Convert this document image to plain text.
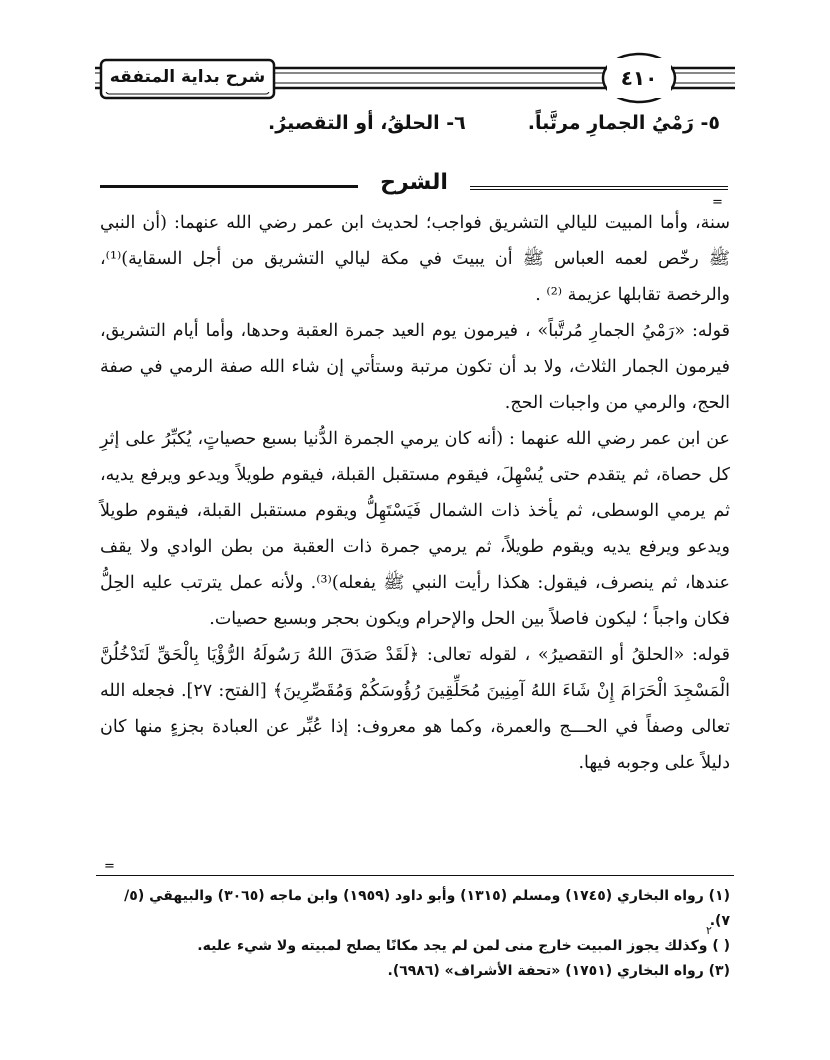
شرح بداية المتفقه	٤١٠
٥- رَمْيُ الجمارِ مرتَّباً.
٦- الحلقُ، أو التقصيرُ.
الشرح
=

سنة، وأما المبيت لليالي التشريق فواجب؛ لحديث ابن عمر رضي الله عنهما: (أن النبي ﷺ رخّص لعمه العباس ﷺ أن يبيتَ في مكة ليالي التشريق من أجل السقاية)⁽¹⁾، والرخصة تقابلها عزيمة ⁽²⁾ .

قوله: «رَمْيُ الجمارِ مُرتَّباً» ، فيرمون يوم العيد جمرة العقبة وحدها، وأما أيام التشريق، فيرمون الجمار الثلاث، ولا بد أن تكون مرتبة وستأتي إن شاء الله صفة الرمي في صفة الحج، والرمي من واجبات الحج.

عن ابن عمر رضي الله عنهما : (أنه كان يرمي الجمرة الدُّنيا بسبع حصياتٍ، يُكبِّرُ على إثرِ كل حصاة، ثم يتقدم حتى يُسْهِلَ، فيقوم مستقبل القبلة، فيقوم طويلاً ويدعو ويرفع يديه، ثم يرمي الوسطى، ثم يأخذ ذات الشمال فَيَسْتَهِلُّ ويقوم مستقبل القبلة، فيقوم طويلاً ويدعو ويرفع يديه ويقوم طويلاً، ثم يرمي جمرة ذات العقبة من بطن الوادي ولا يقف عندها، ثم ينصرف، فيقول: هكذا رأيت النبي ﷺ يفعله)⁽³⁾. ولأنه عمل يترتب عليه الحِلُّ فكان واجباً ؛ ليكون فاصلاً بين الحل والإحرام ويكون بحجر وبسبع حصيات.

قوله: «الحلقُ أو التقصيرُ» ، لقوله تعالى: ﴿لَقَدْ صَدَقَ اللهُ رَسُولَهُ الرُّؤْيَا بِالْحَقِّ لَتَدْخُلُنَّ الْمَسْجِدَ الْحَرَامَ إِنْ شَاءَ اللهُ آمِنِينَ مُحَلِّقِينَ رُؤُوسَكُمْ وَمُقَصِّرِينَ﴾ [الفتح: ٢٧]. فجعله الله تعالى وصفاً في الحـــج والعمرة، وكما هو معروف: إذا عُبِّر عن العبادة بجزءٍ منها كان دليلاً على وجوبه فيها.

=

(١) رواه البخاري (١٧٤٥) ومسلم (١٣١٥) وأبو داود (١٩٥٩) وابن ماجه (٣٠٦٥) والبيهقي (٥/ ٧).

( ) وكذلك يجوز المبيت خارج منى لمن لم يجد مكانًا يصلح لمبيته ولا شيء عليه.

(٣) رواه البخاري (١٧٥١) «تحفة الأشراف» (٦٩٨٦).

٢
